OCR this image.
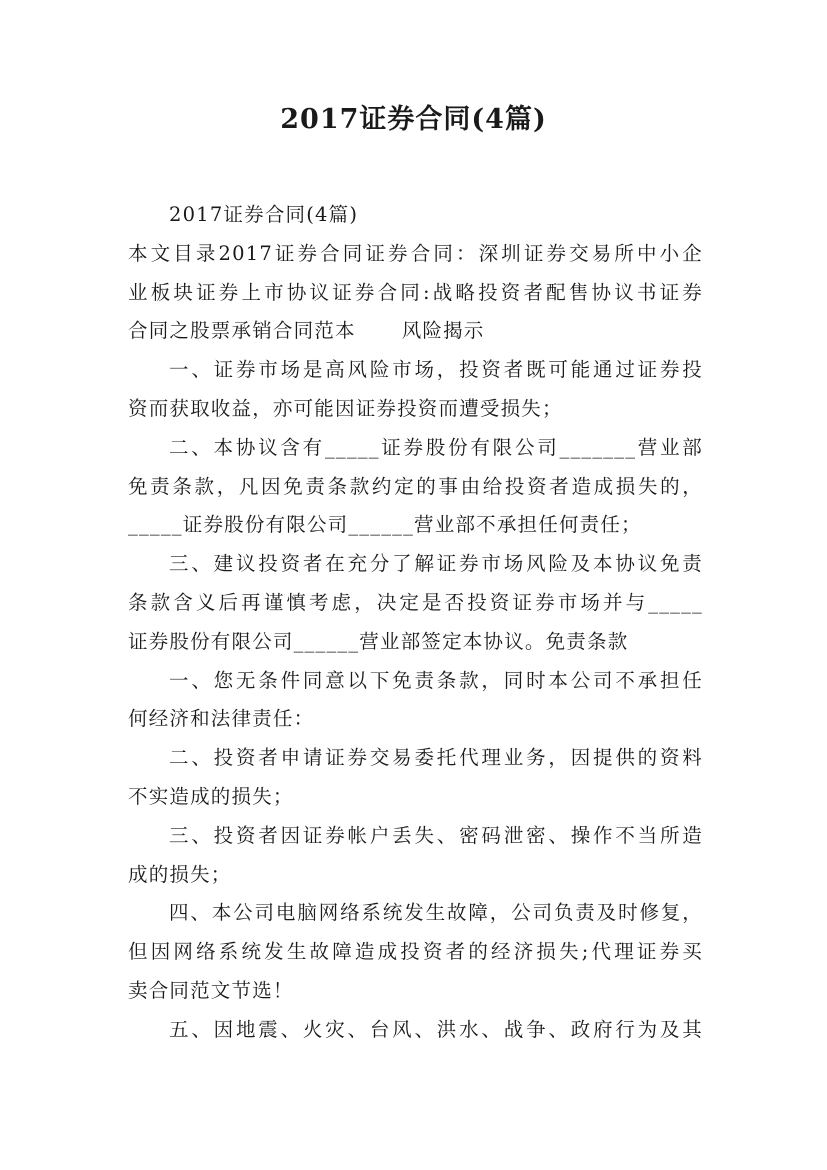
2017证券合同(4篇)
2017证券合同(4篇)
本文目录2017证券合同证券合同：深圳证券交易所中小企
业板块证券上市协议证券合同:战略投资者配售协议书证券
合同之股票承销合同范本 风险揭示
一、证券市场是高风险市场，投资者既可能通过证券投
资而获取收益，亦可能因证券投资而遭受损失；
二、本协议含有_____证券股份有限公司_______营业部
免责条款，凡因免责条款约定的事由给投资者造成损失的，
_____证券股份有限公司______营业部不承担任何责任；
三、建议投资者在充分了解证券市场风险及本协议免责
条款含义后再谨慎考虑，决定是否投资证券市场并与_____
证券股份有限公司______营业部签定本协议。免责条款
一、您无条件同意以下免责条款，同时本公司不承担任
何经济和法律责任：
二、投资者申请证券交易委托代理业务，因提供的资料
不实造成的损失；
三、投资者因证券帐户丢失、密码泄密、操作不当所造
成的损失；
四、本公司电脑网络系统发生故障，公司负责及时修复，
但因网络系统发生故障造成投资者的经济损失;代理证券买
卖合同范文节选！
五、因地震、火灾、台风、洪水、战争、政府行为及其
